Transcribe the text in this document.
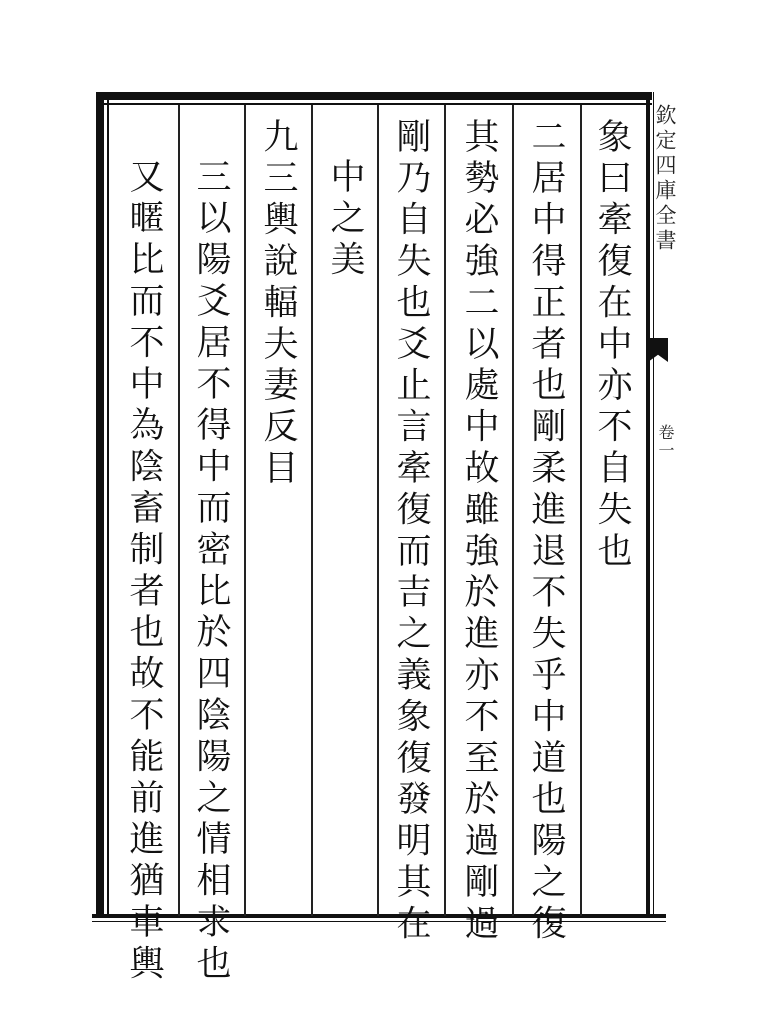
欽定四庫全書
卷一
象曰牽復在中亦不自失也
二居中得正者也剛柔進退不失乎中道也陽之復
其勢必強二以處中故雖強於進亦不至於過剛過
剛乃自失也爻止言牽復而吉之義象復發明其在
中之美
九三輿說輻夫妻反目
三以陽爻居不得中而密比於四陰陽之情相求也
又暱比而不中為陰畜制者也故不能前進猶車輿
